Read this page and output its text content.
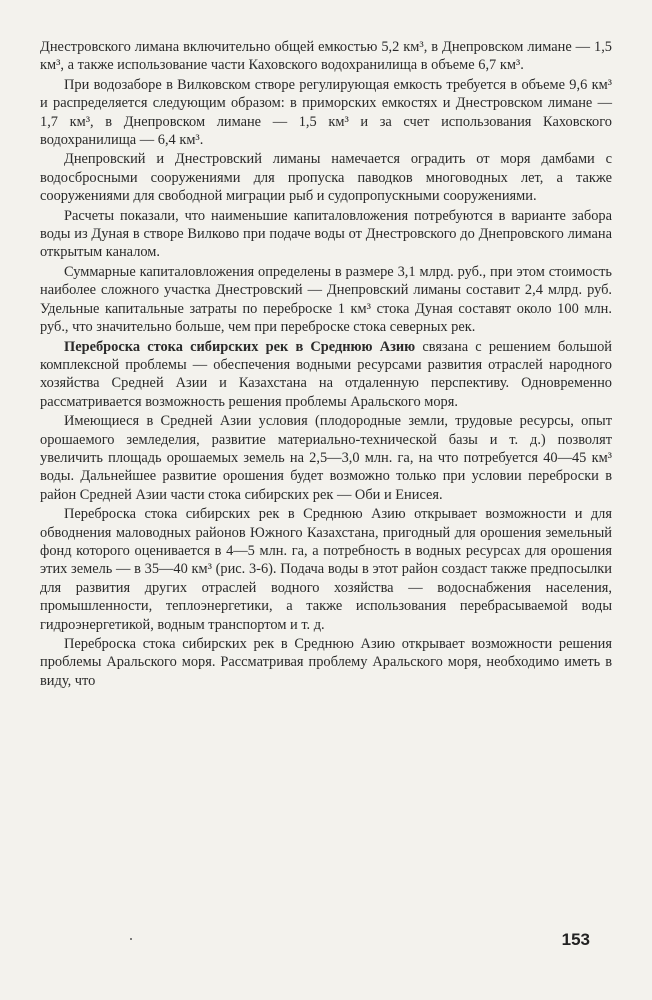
Днестровского лимана включительно общей емкостью 5,2 км³, в Днепровском лимане — 1,5 км³, а также использование части Каховского водохранилища в объеме 6,7 км³.

При водозаборе в Вилковском створе регулирующая емкость требуется в объеме 9,6 км³ и распределяется следующим образом: в приморских емкостях и Днестровском лимане — 1,7 км³, в Днепровском лимане — 1,5 км³ и за счет использования Каховского водохранилища — 6,4 км³.

Днепровский и Днестровский лиманы намечается оградить от моря дамбами с водосбросными сооружениями для пропуска паводков многоводных лет, а также сооружениями для свободной миграции рыб и судопропускными сооружениями.

Расчеты показали, что наименьшие капиталовложения потребуются в варианте забора воды из Дуная в створе Вилково при подаче воды от Днестровского до Днепровского лимана открытым каналом.

Суммарные капиталовложения определены в размере 3,1 млрд. руб., при этом стоимость наиболее сложного участка Днестровский — Днепровский лиманы составит 2,4 млрд. руб. Удельные капитальные затраты по переброске 1 км³ стока Дуная составят около 100 млн. руб., что значительно больше, чем при переброске стока северных рек.

Переброска стока сибирских рек в Среднюю Азию связана с решением большой комплексной проблемы — обеспечения водными ресурсами развития отраслей народного хозяйства Средней Азии и Казахстана на отдаленную перспективу. Одновременно рассматривается возможность решения проблемы Аральского моря.

Имеющиеся в Средней Азии условия (плодородные земли, трудовые ресурсы, опыт орошаемого земледелия, развитие материально-технической базы и т. д.) позволят увеличить площадь орошаемых земель на 2,5—3,0 млн. га, на что потребуется 40—45 км³ воды. Дальнейшее развитие орошения будет возможно только при условии переброски в район Средней Азии части стока сибирских рек — Оби и Енисея.

Переброска стока сибирских рек в Среднюю Азию открывает возможности и для обводнения маловодных районов Южного Казахстана, пригодный для орошения земельный фонд которого оценивается в 4—5 млн. га, а потребность в водных ресурсах для орошения этих земель — в 35—40 км³ (рис. 3-6). Подача воды в этот район создаст также предпосылки для развития других отраслей водного хозяйства — водоснабжения населения, промышленности, теплоэнергетики, а также использования перебрасываемой воды гидроэнергетикой, водным транспортом и т. д.

Переброска стока сибирских рек в Среднюю Азию открывает возможности решения проблемы Аральского моря. Рассматривая проблему Аральского моря, необходимо иметь в виду, что

153
